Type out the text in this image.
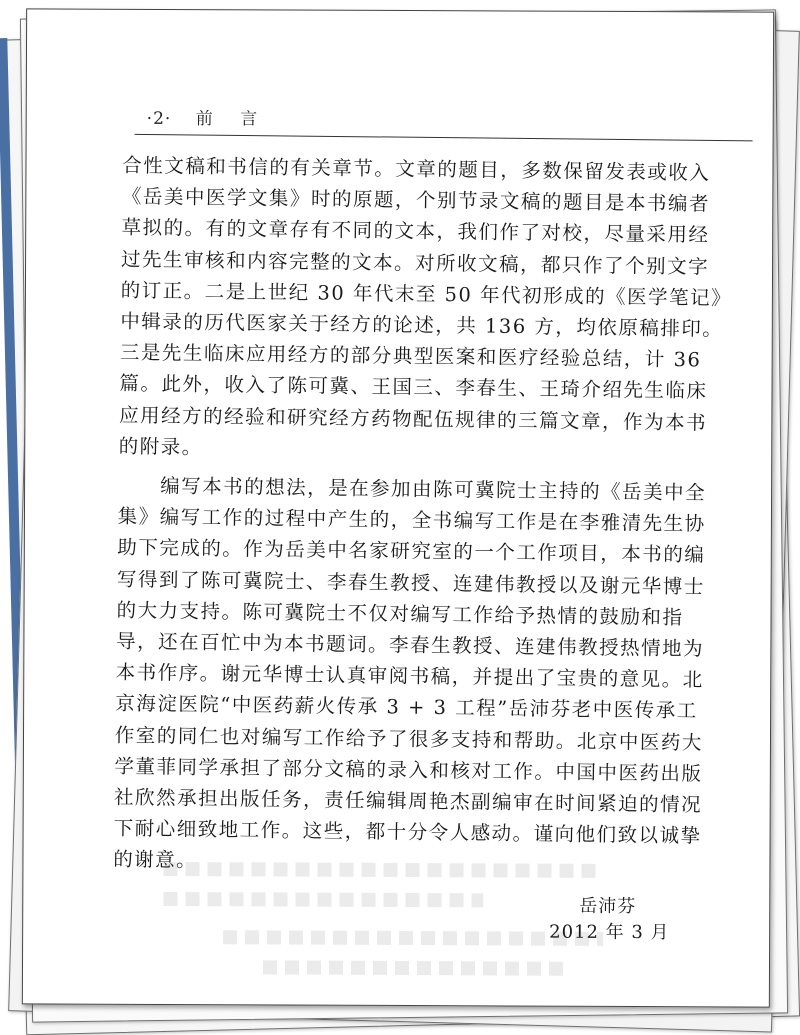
·2· 前 言
合性文稿和书信的有关章节。文章的题目，多数保留发表或收入
《岳美中医学文集》时的原题，个别节录文稿的题目是本书编者
草拟的。有的文章存有不同的文本，我们作了对校，尽量采用经
过先生审核和内容完整的文本。对所收文稿，都只作了个别文字
的订正。二是上世纪 30 年代末至 50 年代初形成的《医学笔记》
中辑录的历代医家关于经方的论述，共 136 方，均依原稿排印。
三是先生临床应用经方的部分典型医案和医疗经验总结，计 36
篇。此外，收入了陈可冀、王国三、李春生、王琦介绍先生临床
应用经方的经验和研究经方药物配伍规律的三篇文章，作为本书
的附录。
编写本书的想法，是在参加由陈可冀院士主持的《岳美中全
集》编写工作的过程中产生的，全书编写工作是在李雅清先生协
助下完成的。作为岳美中名家研究室的一个工作项目，本书的编
写得到了陈可冀院士、李春生教授、连建伟教授以及谢元华博士
的大力支持。陈可冀院士不仅对编写工作给予热情的鼓励和指
导，还在百忙中为本书题词。李春生教授、连建伟教授热情地为
本书作序。谢元华博士认真审阅书稿，并提出了宝贵的意见。北
京海淀医院“中医药薪火传承 3 + 3 工程”岳沛芬老中医传承工
作室的同仁也对编写工作给予了很多支持和帮助。北京中医药大
学董菲同学承担了部分文稿的录入和核对工作。中国中医药出版
社欣然承担出版任务，责任编辑周艳杰副编审在时间紧迫的情况
下耐心细致地工作。这些，都十分令人感动。谨向他们致以诚挚
的谢意。
岳沛芬
2012 年 3 月
